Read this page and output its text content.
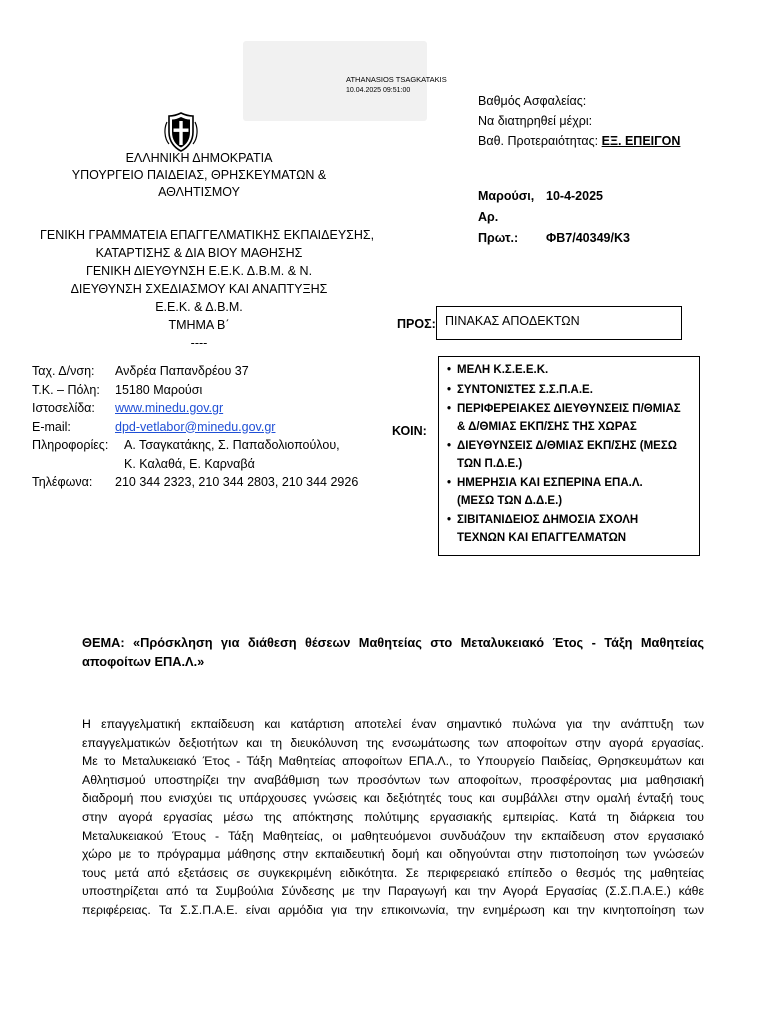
ATHANASIOS TSAGKATAKIS
10.04.2025 09:51:00
Βαθμός Ασφαλείας:
Να διατηρηθεί μέχρι:
Βαθ. Προτεραιότητας: ΕΞ. ΕΠΕΙΓΟΝ
ΕΛΛΗΝΙΚΗ ΔΗΜΟΚΡΑΤΙΑ
ΥΠΟΥΡΓΕΙΟ ΠΑΙΔΕΙΑΣ, ΘΡΗΣΚΕΥΜΑΤΩΝ &
ΑΘΛΗΤΙΣΜΟΥ
ΓΕΝΙΚΗ ΓΡΑΜΜΑΤΕΙΑ ΕΠΑΓΓΕΛΜΑΤΙΚΗΣ ΕΚΠΑΙΔΕΥΣΗΣ,
ΚΑΤΑΡΤΙΣΗΣ & ΔΙΑ ΒΙΟΥ ΜΑΘΗΣΗΣ
ΓΕΝΙΚΗ ΔΙΕΥΘΥΝΣΗ Ε.Ε.Κ. Δ.Β.Μ. & Ν.
ΔΙΕΥΘΥΝΣΗ ΣΧΕΔΙΑΣΜΟΥ ΚΑΙ ΑΝΑΠΤΥΞΗΣ
Ε.Ε.Κ. & Δ.Β.Μ.
ΤΜΗΜΑ Β΄
----
Μαρούσι, 10-4-2025
Αρ. Πρωτ.: ΦΒ7/40349/Κ3
Ταχ. Δ/νση:	Ανδρέα Παπανδρέου 37
Τ.Κ. – Πόλη:	15180 Μαρούσι
Ιστοσελίδα:	www.minedu.gov.gr
E-mail:	dpd-vetlabor@minedu.gov.gr
Πληροφορίες:	Α. Τσαγκατάκης, Σ. Παπαδολιοπούλου,
Κ. Καλαθά, Ε. Καρναβά
Τηλέφωνα:	210 344 2323, 210 344 2803, 210 344 2926
ΠΡΟΣ: ΠΙΝΑΚΑΣ ΑΠΟΔΕΚΤΩΝ
ΚΟΙΝ:
• ΜΕΛΗ Κ.Σ.Ε.Ε.Κ.
• ΣΥΝΤΟΝΙΣΤΕΣ Σ.Σ.Π.Α.Ε.
• ΠΕΡΙΦΕΡΕΙΑΚΕΣ ΔΙΕΥΘΥΝΣΕΙΣ Π/ΘΜΙΑΣ
& Δ/ΘΜΙΑΣ ΕΚΠ/ΣΗΣ ΤΗΣ ΧΩΡΑΣ
• ΔΙΕΥΘΥΝΣΕΙΣ Δ/ΘΜΙΑΣ ΕΚΠ/ΣΗΣ (ΜΕΣΩ
ΤΩΝ Π.Δ.Ε.)
• ΗΜΕΡΗΣΙΑ ΚΑΙ ΕΣΠΕΡΙΝΑ ΕΠΑ.Λ.
(ΜΕΣΩ ΤΩΝ Δ.Δ.Ε.)
• ΣΙΒΙΤΑΝΙΔΕΙΟΣ ΔΗΜΟΣΙΑ ΣΧΟΛΗ
ΤΕΧΝΩΝ ΚΑΙ ΕΠΑΓΓΕΛΜΑΤΩΝ
ΘΕΜΑ: «Πρόσκληση για διάθεση θέσεων Μαθητείας στο Μεταλυκειακό Έτος - Τάξη Μαθητείας
αποφοίτων ΕΠΑ.Λ.»
Η επαγγελματική εκπαίδευση και κατάρτιση αποτελεί έναν σημαντικό πυλώνα για την ανάπτυξη των
επαγγελματικών δεξιοτήτων και τη διευκόλυνση της ενσωμάτωσης των αποφοίτων στην αγορά εργασίας.
Με το Μεταλυκειακό Έτος - Τάξη Μαθητείας αποφοίτων ΕΠΑ.Λ., το Υπουργείο Παιδείας, Θρησκευμάτων και
Αθλητισμού υποστηρίζει την αναβάθμιση των προσόντων των αποφοίτων, προσφέροντας μια μαθησιακή
διαδρομή που ενισχύει τις υπάρχουσες γνώσεις και δεξιότητές τους και συμβάλλει στην ομαλή ένταξή τους
στην αγορά εργασίας μέσω της απόκτησης πολύτιμης εργασιακής εμπειρίας. Κατά τη διάρκεια του
Μεταλυκειακού Έτους - Τάξη Μαθητείας, οι μαθητευόμενοι συνδυάζουν την εκπαίδευση στον εργασιακό
χώρο με το πρόγραμμα μάθησης στην εκπαιδευτική δομή και οδηγούνται στην πιστοποίηση των γνώσεών
τους μετά από εξετάσεις σε συγκεκριμένη ειδικότητα. Σε περιφερειακό επίπεδο ο θεσμός της μαθητείας
υποστηρίζεται από τα Συμβούλια Σύνδεσης με την Παραγωγή και την Αγορά Εργασίας (Σ.Σ.Π.Α.Ε.) κάθε
περιφέρειας. Τα Σ.Σ.Π.Α.Ε. είναι αρμόδια για την επικοινωνία, την ενημέρωση και την κινητοποίηση των
